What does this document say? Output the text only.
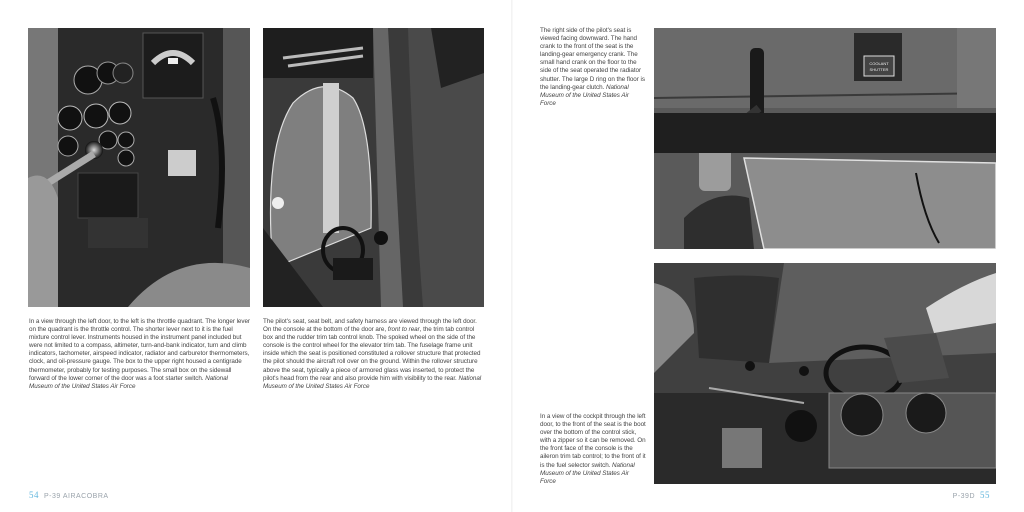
In a view through the left door, to the left is the throttle quadrant. The longer lever on the quadrant is the throttle control. The shorter lever next to it is the fuel mixture control lever. Instruments housed in the instrument panel included but were not limited to a compass, altimeter, turn-and-bank indicator, turn and climb indicators, tachometer, airspeed indicator, radiator and carburetor thermometers, clock, and oil-pressure gauge. The box to the upper right housed a centigrade thermometer, probably for testing purposes. The small box on the sidewall forward of the lower corner of the door was a foot starter switch. National Museum of the United States Air Force
The pilot's seat, seat belt, and safety harness are viewed through the left door. On the console at the bottom of the door are, front to rear, the trim tab control box and the rudder trim tab control knob. The spoked wheel on the side of the console is the control wheel for the elevator trim tab. The fuselage frame unit inside which the seat is positioned constituted a rollover structure that protected the pilot should the aircraft roll over on the ground. Within the rollover structure above the seat, typically a piece of armored glass was inserted, to protect the pilot's head from the rear and also provide him with visibility to the rear. National Museum of the United States Air Force
54 P-39 AIRACOBRA
The right side of the pilot's seat is viewed facing downward. The hand crank to the front of the seat is the landing-gear emergency crank. The small hand crank on the floor to the side of the seat operated the radiator shutter. The large D ring on the floor is the landing-gear clutch. National Museum of the United States Air Force
COOLANT
SHUTTER
In a view of the cockpit through the left door, to the front of the seat is the boot over the bottom of the control stick, with a zipper so it can be removed. On the front face of the console is the aileron trim tab control; to the front of it is the fuel selector switch. National Museum of the United States Air Force
P-39D 55
